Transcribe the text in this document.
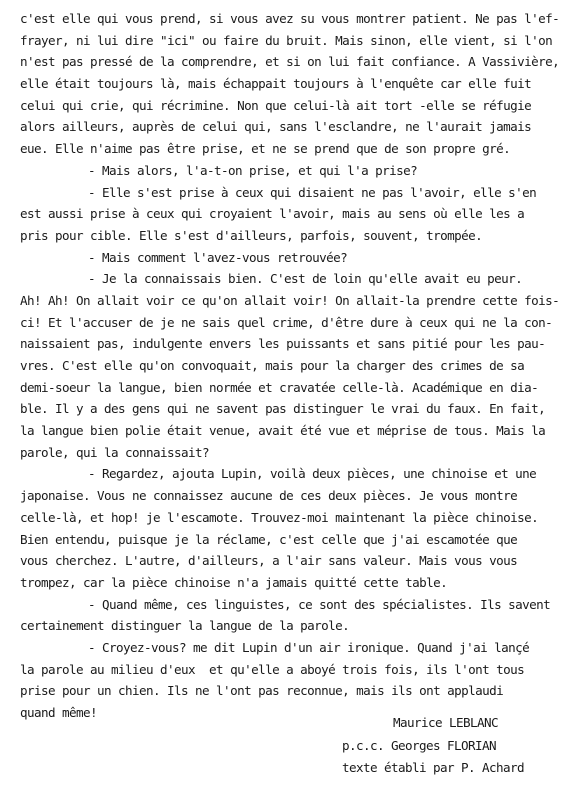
c'est elle qui vous prend, si vous avez su vous montrer patient. Ne pas l'ef-
frayer, ni lui dire "ici" ou faire du bruit. Mais sinon, elle vient, si l'on
n'est pas pressé de la comprendre, et si on lui fait confiance. A Vassivière,
elle était toujours là, mais échappait toujours à l'enquête car elle fuit
celui qui crie, qui récrimine. Non que celui-là ait tort -elle se réfugie
alors ailleurs, auprès de celui qui, sans l'esclandre, ne l'aurait jamais
eue. Elle n'aime pas être prise, et ne se prend que de son propre gré.
- Mais alors, l'a-t-on prise, et qui l'a prise?
- Elle s'est prise à ceux qui disaient ne pas l'avoir, elle s'en
est aussi prise à ceux qui croyaient l'avoir, mais au sens où elle les a
pris pour cible. Elle s'est d'ailleurs, parfois, souvent, trompée.
- Mais comment l'avez-vous retrouvée?
- Je la connaissais bien. C'est de loin qu'elle avait eu peur.
Ah! Ah! On allait voir ce qu'on allait voir! On allait-la prendre cette fois-
ci! Et l'accuser de je ne sais quel crime, d'être dure à ceux qui ne la con-
naissaient pas, indulgente envers les puissants et sans pitié pour les pau-
vres. C'est elle qu'on convoquait, mais pour la charger des crimes de sa
demi-soeur la langue, bien normée et cravatée celle-là. Académique en dia-
ble. Il y a des gens qui ne savent pas distinguer le vrai du faux. En fait,
la langue bien polie était venue, avait été vue et méprise de tous. Mais la
parole, qui la connaissait?
- Regardez, ajouta Lupin, voilà deux pièces, une chinoise et une
japonaise. Vous ne connaissez aucune de ces deux pièces. Je vous montre
celle-là, et hop! je l'escamote. Trouvez-moi maintenant la pièce chinoise.
Bien entendu, puisque je la réclame, c'est celle que j'ai escamotée que
vous cherchez. L'autre, d'ailleurs, a l'air sans valeur. Mais vous vous
trompez, car la pièce chinoise n'a jamais quitté cette table.
- Quand même, ces linguistes, ce sont des spécialistes. Ils savent
certainement distinguer la langue de la parole.
- Croyez-vous? me dit Lupin d'un air ironique. Quand j'ai lançé
la parole au milieu d'eux  et qu'elle a aboyé trois fois, ils l'ont tous
prise pour un chien. Ils ne l'ont pas reconnue, mais ils ont applaudi
quand même!
Maurice LEBLANC
p.c.c. Georges FLORIAN
texte établi par P. Achard
